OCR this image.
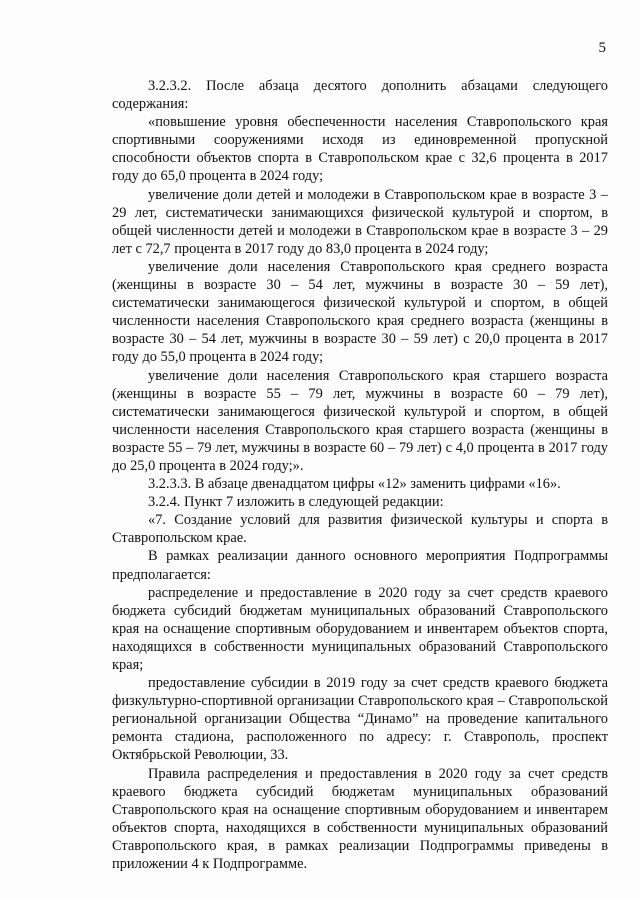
5

3.2.3.2. После абзаца десятого дополнить абзацами следующего содержания:

«повышение уровня обеспеченности населения Ставропольского края спортивными сооружениями исходя из единовременной пропускной способности объектов спорта в Ставропольском крае с 32,6 процента в 2017 году до 65,0 процента в 2024 году;

увеличение доли детей и молодежи в Ставропольском крае в возрасте 3 – 29 лет, систематически занимающихся физической культурой и спортом, в общей численности детей и молодежи в Ставропольском крае в возрасте 3 – 29 лет с 72,7 процента в 2017 году до 83,0 процента в 2024 году;

увеличение доли населения Ставропольского края среднего возраста (женщины в возрасте 30 – 54 лет, мужчины в возрасте 30 – 59 лет), систематически занимающегося физической культурой и спортом, в общей численности населения Ставропольского края среднего возраста (женщины в возрасте 30 – 54 лет, мужчины в возрасте 30 – 59 лет) с 20,0 процента в 2017 году до 55,0 процента в 2024 году;

увеличение доли населения Ставропольского края старшего возраста (женщины в возрасте 55 – 79 лет, мужчины в возрасте 60 – 79 лет), систематически занимающегося физической культурой и спортом, в общей численности населения Ставропольского края старшего возраста (женщины в возрасте 55 – 79 лет, мужчины в возрасте 60 – 79 лет) с 4,0 процента в 2017 году до 25,0 процента в 2024 году;».

3.2.3.3. В абзаце двенадцатом цифры «12» заменить цифрами «16».

3.2.4. Пункт 7 изложить в следующей редакции:

«7. Создание условий для развития физической культуры и спорта в Ставропольском крае.

В рамках реализации данного основного мероприятия Подпрограммы предполагается:

распределение и предоставление в 2020 году за счет средств краевого бюджета субсидий бюджетам муниципальных образований Ставропольского края на оснащение спортивным оборудованием и инвентарем объектов спорта, находящихся в собственности муниципальных образований Ставропольского края;

предоставление субсидии в 2019 году за счет средств краевого бюджета физкультурно-спортивной организации Ставропольского края – Ставропольской региональной организации Общества “Динамо” на проведение капитального ремонта стадиона, расположенного по адресу: г. Ставрополь, проспект Октябрьской Революции, 33.

Правила распределения и предоставления в 2020 году за счет средств краевого бюджета субсидий бюджетам муниципальных образований Ставропольского края на оснащение спортивным оборудованием и инвентарем объектов спорта, находящихся в собственности муниципальных образований Ставропольского края, в рамках реализации Подпрограммы приведены в приложении 4 к Подпрограмме.
